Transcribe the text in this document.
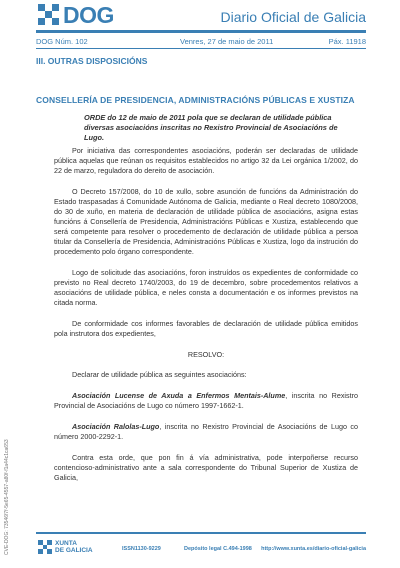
DOG	Diario Oficial de Galicia
DOG Núm. 102	Venres, 27 de maio de 2011	Páx. 11918
III. OUTRAS DISPOSICIÓNS
CONSELLERÍA DE PRESIDENCIA, ADMINISTRACIÓNS PÚBLICAS E XUSTIZA
ORDE do 12 de maio de 2011 pola que se declaran de utilidade pública diversas asociacións inscritas no Rexistro Provincial de Asociacións de Lugo.

Por iniciativa das correspondentes asociacións, poderán ser declaradas de utilidade pública aquelas que reúnan os requisitos establecidos no artigo 32 da Lei orgánica 1/2002, do 22 de marzo, reguladora do dereito de asociación.

O Decreto 157/2008, do 10 de xullo, sobre asunción de funcións da Administración do Estado traspasadas á Comunidade Autónoma de Galicia, mediante o Real decreto 1080/2008, do 30 de xuño, en materia de declaración de utilidade pública de asociacións, asigna estas funcións á Consellería de Presidencia, Administracións Públicas e Xustiza, establecendo que será competente para resolver o procedemento de declaración de utilidade pública a persoa titular da Consellería de Presidencia, Administracións Públicas e Xustiza, logo da instrución do procedemento polo órgano correspondente.

Logo de solicitude das asociacións, foron instruídos os expedientes de conformidade co previsto no Real decreto 1740/2003, do 19 de decembro, sobre procedementos relativos a asociacións de utilidade pública, e neles consta a documentación e os informes previstos na citada norma.

De conformidade cos informes favorables de declaración de utilidade pública emitidos pola instrutora dos expedientes,

RESOLVO:

Declarar de utilidade pública as seguintes asociacións:

Asociación Lucense de Axuda a Enfermos Mentais-Alume, inscrita no Rexistro Provincial de Asociacións de Lugo co número 1997-1662-1.

Asociación Ralolas-Lugo, inscrita no Rexistro Provincial de Asociacións de Lugo co número 2000-2292-1.

Contra esta orde, que pon fin á vía administrativa, pode interpoñerse recurso contencioso-administrativo ante a sala correspondente do Tribunal Superior de Xustiza de Galicia,

CVE-DOG: 73546f7f-5e65-4557-a80f-f1a44c1ca653	XUNTA
DE GALICIA	ISSN1130-9229	Depósito legal C.494-1998 http://www.xunta.es/diario-oficial-galicia
